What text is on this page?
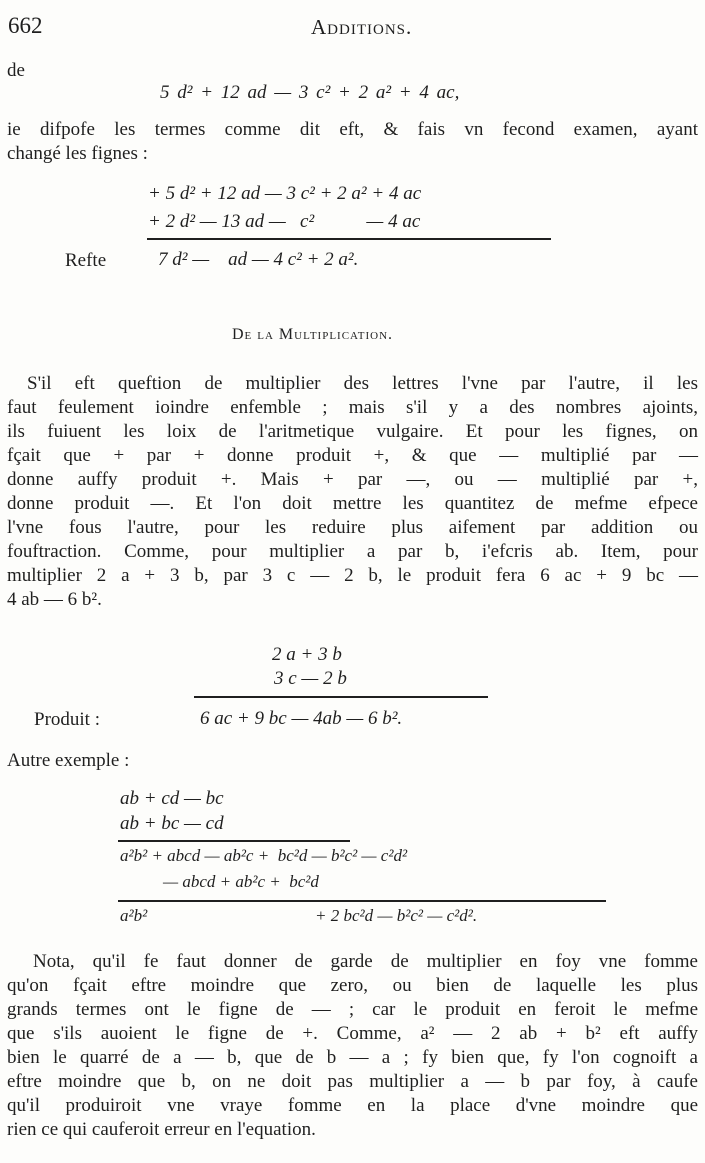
662	Additions.
de
5 d² + 12 ad — 3 c² + 2 a² + 4 ac,
ie difpofe les termes comme dit eft, & fais vn fecond examen, ayant
changé les fignes :
+ 5 d² + 12 ad — 3 c² + 2 a² + 4 ac
+ 2 d² — 13 ad —   c²           — 4 ac
Refte	7 d² —    ad — 4 c² + 2 a².
De la Multiplication.
S'il eft queftion de multiplier des lettres l'vne par l'autre, il les
faut feulement ioindre enfemble ; mais s'il y a des nombres ajoints,
ils fuiuent les loix de l'aritmetique vulgaire. Et pour les fignes, on
fçait que + par + donne produit +, & que — multiplié par —
donne auffy produit +. Mais + par —, ou — multiplié par +,
donne produit —. Et l'on doit mettre les quantitez de mefme efpece
l'vne fous l'autre, pour les reduire plus aifement par addition ou
fouftraction. Comme, pour multiplier a par b, i'efcris ab. Item, pour
multiplier 2 a + 3 b, par 3 c — 2 b, le produit fera 6 ac + 9 bc —
4 ab — 6 b².
2 a + 3 b
3 c — 2 b
Produit :	6 ac + 9 bc — 4ab — 6 b².
Autre exemple :
ab + cd — bc
ab + bc — cd
a²b² + abcd — ab²c +  bc²d — b²c² — c²d²
— abcd + ab²c +  bc²d
a²b²	+ 2 bc²d — b²c² — c²d².
Nota, qu'il fe faut donner de garde de multiplier en foy vne fomme
qu'on fçait eftre moindre que zero, ou bien de laquelle les plus
grands termes ont le figne de — ; car le produit en feroit le mefme
que s'ils auoient le figne de +. Comme, a² — 2 ab + b² eft auffy
bien le quarré de a — b, que de b — a ; fy bien que, fy l'on cognoift a
eftre moindre que b, on ne doit pas multiplier a — b par foy, à caufe
qu'il produiroit vne vraye fomme en la place d'vne moindre que
rien ce qui cauferoit erreur en l'equation.
